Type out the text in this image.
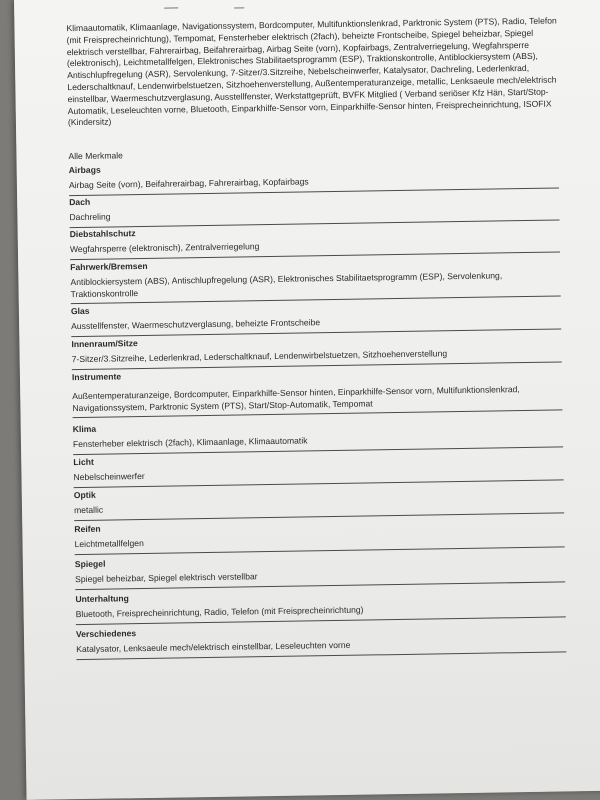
Klimaautomatik, Klimaanlage, Navigationssystem, Bordcomputer, Multifunktionslenkrad, Parktronic System (PTS), Radio, Telefon (mit Freisprecheinrichtung), Tempomat, Fensterheber elektrisch (2fach), beheizte Frontscheibe, Spiegel beheizbar, Spiegel elektrisch verstellbar, Fahrerairbag, Beifahrerairbag, Airbag Seite (vorn), Kopfairbags, Zentralverriegelung, Wegfahrsperre (elektronisch), Leichtmetallfelgen, Elektronisches Stabilitaetsprogramm (ESP), Traktionskontrolle, Antiblockiersystem (ABS), Antischlupfregelung (ASR), Servolenkung, 7-Sitzer/3.Sitzreihe, Nebelscheinwerfer, Katalysator, Dachreling, Lederlenkrad, Lederschaltknauf, Lendenwirbelstuetzen, Sitzhoehenverstellung, Außentemperaturanzeige, metallic, Lenksaeule mech/elektrisch einstellbar, Waermeschutzverglasung, Ausstellfenster, Werkstattgeprüft, BVFK Mitglied ( Verband seriöser Kfz Hän, Start/Stop-Automatik, Leseleuchten vorne, Bluetooth, Einparkhilfe-Sensor vorn, Einparkhilfe-Sensor hinten, Freisprecheinrichtung, ISOFIX (Kindersitz)

Alle Merkmale
Airbags
Airbag Seite (vorn), Beifahrerairbag, Fahrerairbag, Kopfairbags
Dach
Dachreling
Diebstahlschutz
Wegfahrsperre (elektronisch), Zentralverriegelung
Fahrwerk/Bremsen
Antiblockiersystem (ABS), Antischlupfregelung (ASR), Elektronisches Stabilitaetsprogramm (ESP), Servolenkung, Traktionskontrolle
Glas
Ausstellfenster, Waermeschutzverglasung, beheizte Frontscheibe
Innenraum/Sitze
7-Sitzer/3.Sitzreihe, Lederlenkrad, Lederschaltknauf, Lendenwirbelstuetzen, Sitzhoehenverstellung
Instrumente
Außentemperaturanzeige, Bordcomputer, Einparkhilfe-Sensor hinten, Einparkhilfe-Sensor vorn, Multifunktionslenkrad, Navigationssystem, Parktronic System (PTS), Start/Stop-Automatik, Tempomat
Klima
Fensterheber elektrisch (2fach), Klimaanlage, Klimaautomatik
Licht
Nebelscheinwerfer
Optik
metallic
Reifen
Leichtmetallfelgen
Spiegel
Spiegel beheizbar, Spiegel elektrisch verstellbar
Unterhaltung
Bluetooth, Freisprecheinrichtung, Radio, Telefon (mit Freisprecheinrichtung)
Verschiedenes
Katalysator, Lenksaeule mech/elektrisch einstellbar, Leseleuchten vorne
